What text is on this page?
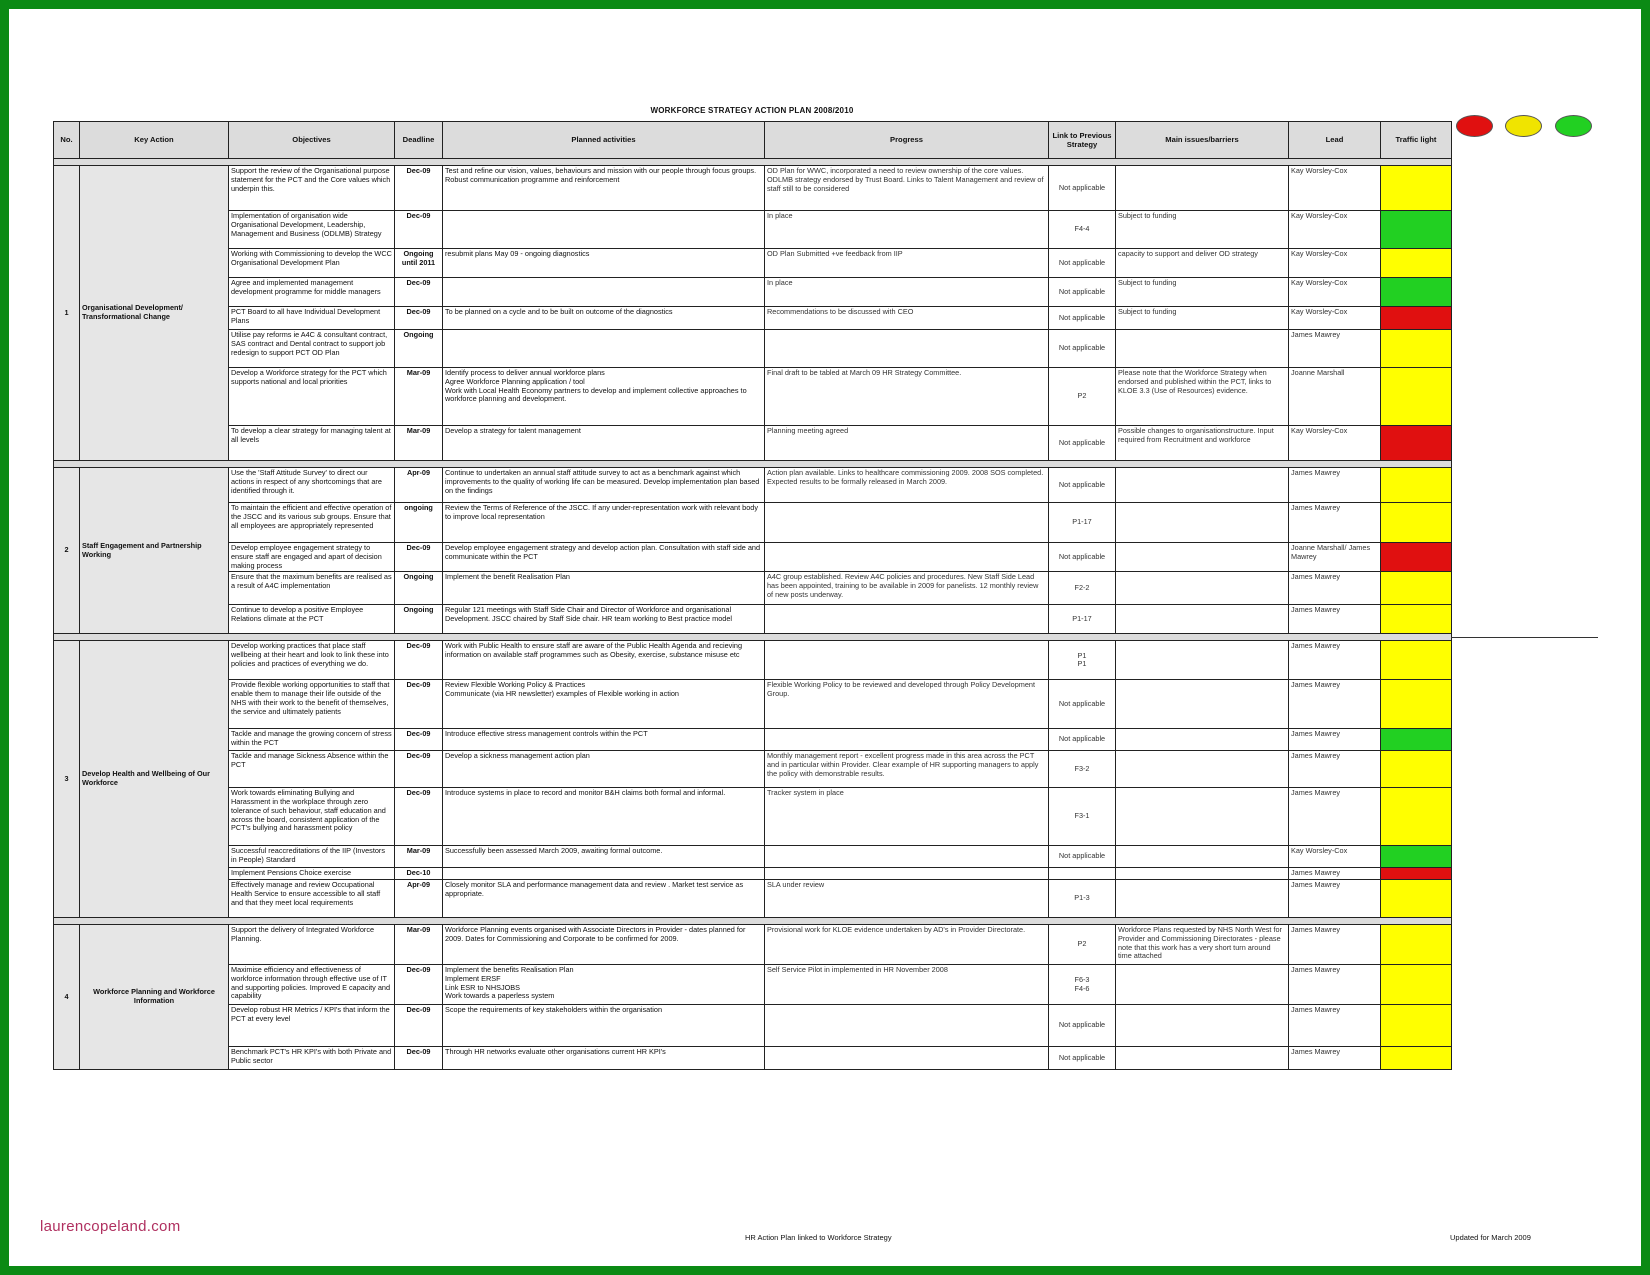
WORKFORCE STRATEGY ACTION PLAN 2008/2010
No.	Key Action	Objectives	Deadline	Planned activities	Progress	Link to Previous Strategy	Main issues/barriers	Lead	Traffic light

1	Organisational Development/ Transformational Change	Support the review of the Organisational purpose statement for the PCT and the Core values which underpin this.	Dec-09	Test and refine our vision, values, behaviours and mission with our people through focus groups.
Robust communication programme and reinforcement	OD Plan for WWC, incorporated a need to review ownership of the core values.
ODLMB strategy endorsed by Trust Board. Links to Talent Management and review of staff still to be considered	Not applicable		Kay Worsley-Cox	
		Implementation of organisation wide Organisational Development, Leadership, Management and Business (ODLMB) Strategy	Dec-09		In place	F4-4	Subject to funding	Kay Worsley-Cox	
		Working with Commissioning to develop the WCC Organisational Development Plan	Ongoing until 2011	resubmit plans May 09 - ongoing diagnostics	OD Plan Submitted +ve feedback from IIP	Not applicable	capacity to support and deliver OD strategy	Kay Worsley-Cox	
		Agree and implemented management development programme for middle managers	Dec-09		In place	Not applicable	Subject to funding	Kay Worsley-Cox	
		PCT Board to all have Individual Development Plans	Dec-09	To be planned on a cycle and to be built on outcome of the diagnostics	Recommendations to be discussed with CEO	Not applicable	Subject to funding	Kay Worsley-Cox	
		Utilise pay reforms ie A4C & consultant contract, SAS contract and Dental contract to support job redesign to support PCT OD Plan	Ongoing			Not applicable		James Mawrey	
		Develop a Workforce strategy for the PCT which supports national and local priorities	Mar-09	Identify process to deliver annual workforce plans
Agree Workforce Planning application / tool
Work with Local Health Economy partners to develop and implement collective approaches to workforce planning and development.	Final draft to be tabled at March 09 HR Strategy Committee.	P2	Please note that the Workforce Strategy when endorsed and published within the PCT, links to KLOE 3.3 (Use of Resources) evidence.	Joanne Marshall	
		To develop a clear strategy for managing talent at all levels	Mar-09	Develop a strategy for talent management	Planning meeting agreed	Not applicable	Possible changes to organisationstructure. Input required from Recruitment and workforce	Kay Worsley-Cox	

2	Staff Engagement and Partnership Working	Use the 'Staff Attitude Survey' to direct our actions in respect of any shortcomings that are identified through it.	Apr-09	Continue to undertaken an annual staff attitude survey to act as a benchmark against which improvements to the quality of working life can be measured. Develop implementation plan based on the findings	Action plan available. Links to healthcare commissioning 2009. 2008 SOS completed. Expected results to be formally released in March 2009.	Not applicable		James Mawrey	
		To maintain the efficient and effective operation of the JSCC and its various sub groups. Ensure that all employees are appropriately represented	ongoing	Review the Terms of Reference of the JSCC. If any under-representation work with relevant body to improve local representation		P1-17		James Mawrey	
		Develop employee engagement strategy to ensure staff are engaged and apart of decision making process	Dec-09	Develop employee engagement strategy and develop action plan. Consultation with staff side and communicate within the PCT		Not applicable		Joanne Marshall/ James Mawrey	
		Ensure that the maximum benefits are realised as a result of A4C implementation	Ongoing	Implement the benefit Realisation Plan	A4C group established. Review A4C policies and procedures. New Staff Side Lead has been appointed, training to be available in 2009 for panelists. 12 monthly review of new posts underway.	F2-2		James Mawrey	
		Continue to develop a positive Employee Relations climate at the PCT	Ongoing	Regular 121 meetings with Staff Side Chair and Director of Workforce and organisational Development. JSCC chaired by Staff Side chair. HR team working to Best practice model		P1-17		James Mawrey	

3	Develop Health and Wellbeing of Our Workforce	Develop working practices that place staff wellbeing at their heart and look to link these into policies and practices of everything we do.	Dec-09	Work with Public Health to ensure staff are aware of the Public Health Agenda and recieving information on available staff programmes such as Obesity, exercise, substance misuse etc		P1
P1		James Mawrey	
		Provide flexible working opportunities to staff that enable them to manage their life outside of the NHS with their work to the benefit of themselves, the service and ultimately patients	Dec-09	Review Flexible Working Policy & Practices
Communicate (via HR newsletter) examples of Flexible working in action	Flexible Working Policy to be reviewed and developed through Policy Development Group.	Not applicable		James Mawrey	
		Tackle and manage the growing concern of stress within the PCT	Dec-09	Introduce effective stress management controls within the PCT		Not applicable		James Mawrey	
		Tackle and manage Sickness Absence within the PCT	Dec-09	Develop a sickness management action plan	Monthly management report - excellent progress made in this area across the PCT and in particular within Provider. Clear example of HR supporting managers to apply the policy with demonstrable results.	F3-2		James Mawrey	
		Work towards eliminating Bullying and Harassment in the workplace through zero tolerance of such behaviour, staff education and across the board, consistent application of the PCT's bullying and harassment policy	Dec-09	Introduce systems in place to record and monitor B&H claims both formal and informal.	Tracker system in place	F3-1		James Mawrey	
		Successful reaccreditations of the IIP (Investors in People) Standard	Mar-09	Successfully been assessed March 2009, awaiting formal outcome.		Not applicable		Kay Worsley-Cox	
		Implement Pensions Choice exercise	Dec-10					James Mawrey	
		Effectively manage and review Occupational Health Service to ensure accessible to all staff and that they meet local requirements	Apr-09	Closely monitor SLA and performance management data and review . Market test service as appropriate.	SLA under review	P1-3		James Mawrey	

4	Workforce Planning and Workforce Information	Support the delivery of Integrated Workforce Planning.	Mar-09	Workforce Planning events organised with Associate Directors in Provider - dates planned for 2009. Dates for Commissioning and Corporate to be confirmed for 2009.	Provisional work for KLOE evidence undertaken by AD's in Provider Directorate.	P2	Workforce Plans requested by NHS North West for Provider and Commissioning Directorates - please note that this work has a very short turn around time attached	James Mawrey	
		Maximise efficiency and effectiveness of workforce information through effective use of IT and supporting policies. Improved E capacity and capability	Dec-09	Implement the benefits Realisation Plan
Implement ERSF
Link ESR to NHSJOBS
Work towards a paperless system	Self Service Pilot in implemented in HR November 2008	F6-3
F4-6		James Mawrey	
		Develop robust HR Metrics / KPI's that inform the PCT at every level	Dec-09	Scope the requirements of key stakeholders within the organisation		Not applicable		James Mawrey	
		Benchmark PCT's HR KPI's with both Private and Public sector	Dec-09	Through HR networks evaluate other organisations current HR KPI's		Not applicable		James Mawrey	
laurencopeland.com
HR Action Plan linked to Workforce Strategy	Updated for March 2009
